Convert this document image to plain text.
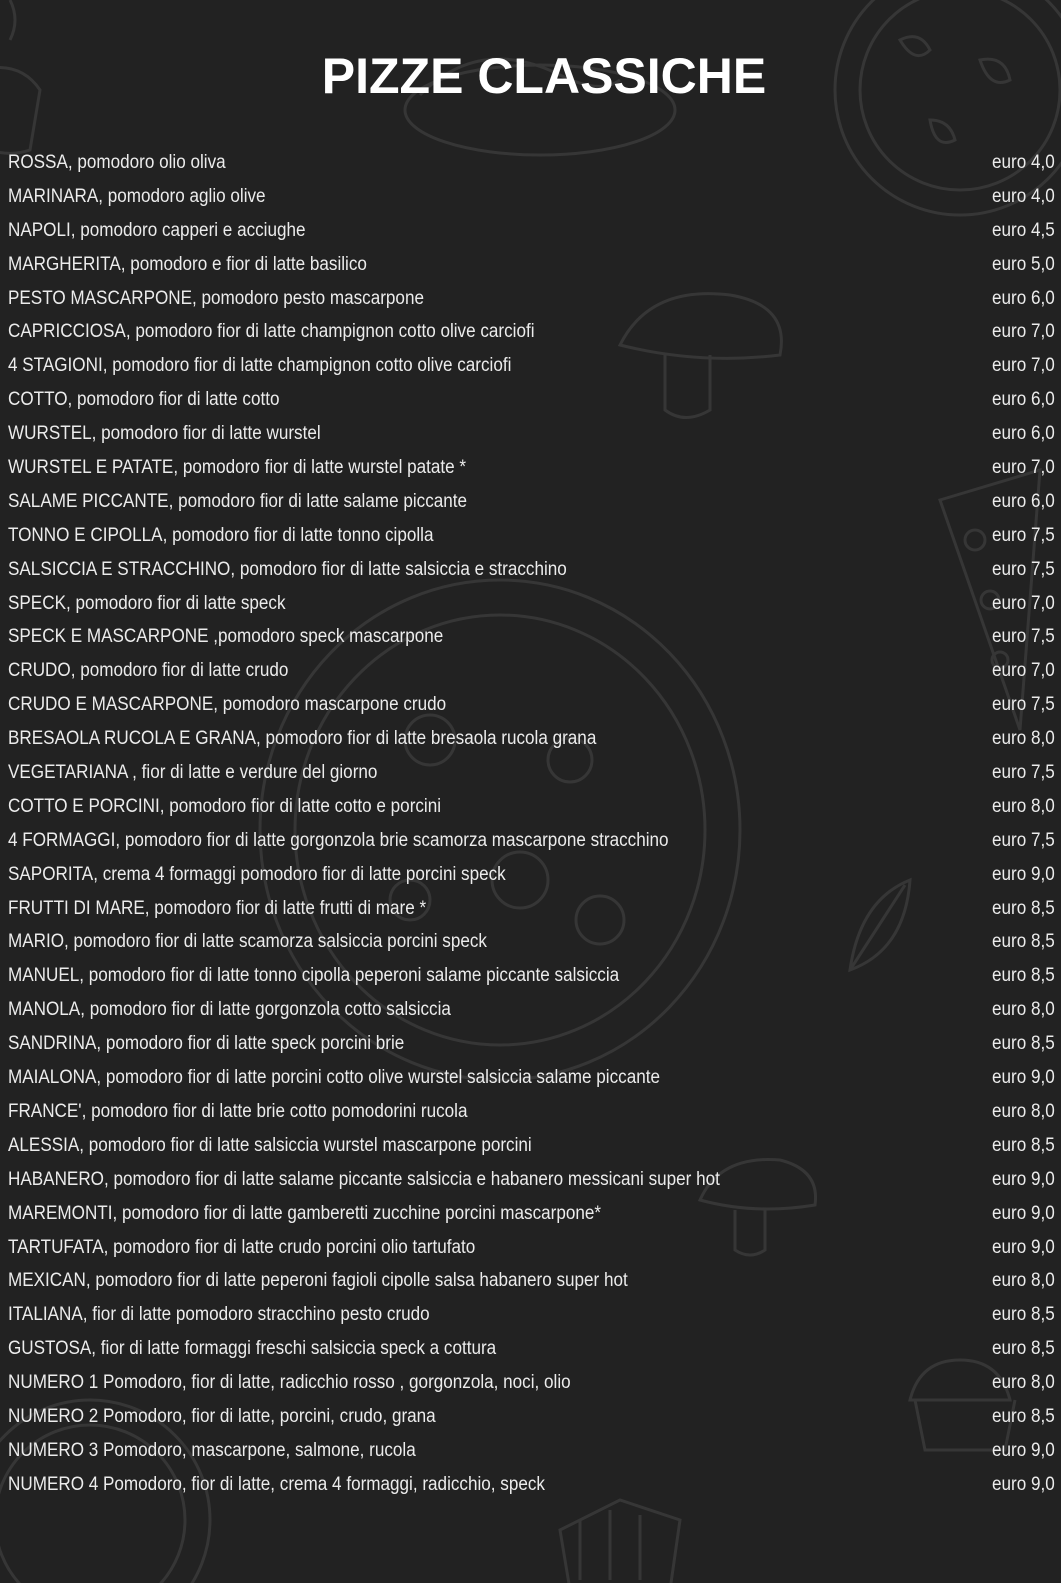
PIZZE CLASSICHE
ROSSA, pomodoro olio oliva	euro 4,0
MARINARA, pomodoro aglio olive	euro 4,0
NAPOLI, pomodoro capperi e acciughe	euro 4,5
MARGHERITA, pomodoro e fior di latte basilico	euro 5,0
PESTO MASCARPONE, pomodoro pesto mascarpone	euro 6,0
CAPRICCIOSA, pomodoro fior di latte champignon cotto olive carciofi	euro 7,0
4 STAGIONI, pomodoro fior di latte champignon cotto olive carciofi	euro 7,0
COTTO, pomodoro fior di latte cotto	euro 6,0
WURSTEL, pomodoro fior di latte wurstel	euro 6,0
WURSTEL E PATATE, pomodoro fior di latte wurstel patate *	euro 7,0
SALAME PICCANTE, pomodoro fior di latte salame piccante	euro 6,0
TONNO E CIPOLLA, pomodoro fior di latte tonno cipolla	euro 7,5
SALSICCIA E STRACCHINO, pomodoro fior di latte salsiccia e stracchino	euro 7,5
SPECK, pomodoro fior di latte speck	euro 7,0
SPECK E MASCARPONE ,pomodoro speck mascarpone	euro 7,5
CRUDO, pomodoro fior di latte crudo	euro 7,0
CRUDO E MASCARPONE, pomodoro mascarpone crudo	euro 7,5
BRESAOLA RUCOLA E GRANA, pomodoro fior di latte bresaola rucola grana	euro 8,0
VEGETARIANA , fior di latte e verdure del giorno	euro 7,5
COTTO E PORCINI, pomodoro fior di latte cotto e porcini	euro 8,0
4 FORMAGGI, pomodoro fior di latte gorgonzola brie scamorza mascarpone stracchino	euro 7,5
SAPORITA, crema 4 formaggi pomodoro fior di latte porcini speck	euro 9,0
FRUTTI DI MARE, pomodoro fior di latte frutti di mare *	euro 8,5
MARIO, pomodoro fior di latte scamorza salsiccia porcini speck	euro 8,5
MANUEL, pomodoro fior di latte tonno cipolla peperoni salame piccante salsiccia	euro 8,5
MANOLA, pomodoro fior di latte gorgonzola cotto salsiccia	euro 8,0
SANDRINA, pomodoro fior di latte speck porcini brie	euro 8,5
MAIALONA, pomodoro fior di latte porcini cotto olive wurstel salsiccia salame piccante	euro 9,0
FRANCE', pomodoro fior di latte brie cotto pomodorini rucola	euro 8,0
ALESSIA, pomodoro fior di latte salsiccia wurstel mascarpone porcini	euro 8,5
HABANERO, pomodoro fior di latte salame piccante salsiccia e habanero messicani super hot	euro 9,0
MAREMONTI, pomodoro fior di latte gamberetti zucchine porcini mascarpone*	euro 9,0
TARTUFATA, pomodoro fior di latte crudo porcini olio tartufato	euro 9,0
MEXICAN, pomodoro fior di latte peperoni fagioli cipolle salsa habanero super hot	euro 8,0
ITALIANA, fior di latte pomodoro stracchino pesto crudo	euro 8,5
GUSTOSA, fior di latte formaggi freschi salsiccia speck a cottura	euro 8,5
NUMERO 1 Pomodoro, fior di latte, radicchio rosso , gorgonzola, noci, olio	euro 8,0
NUMERO 2 Pomodoro, fior di latte, porcini, crudo, grana	euro 8,5
NUMERO 3 Pomodoro, mascarpone, salmone, rucola	euro 9,0
NUMERO 4 Pomodoro, fior di latte, crema 4 formaggi, radicchio, speck	euro 9,0
